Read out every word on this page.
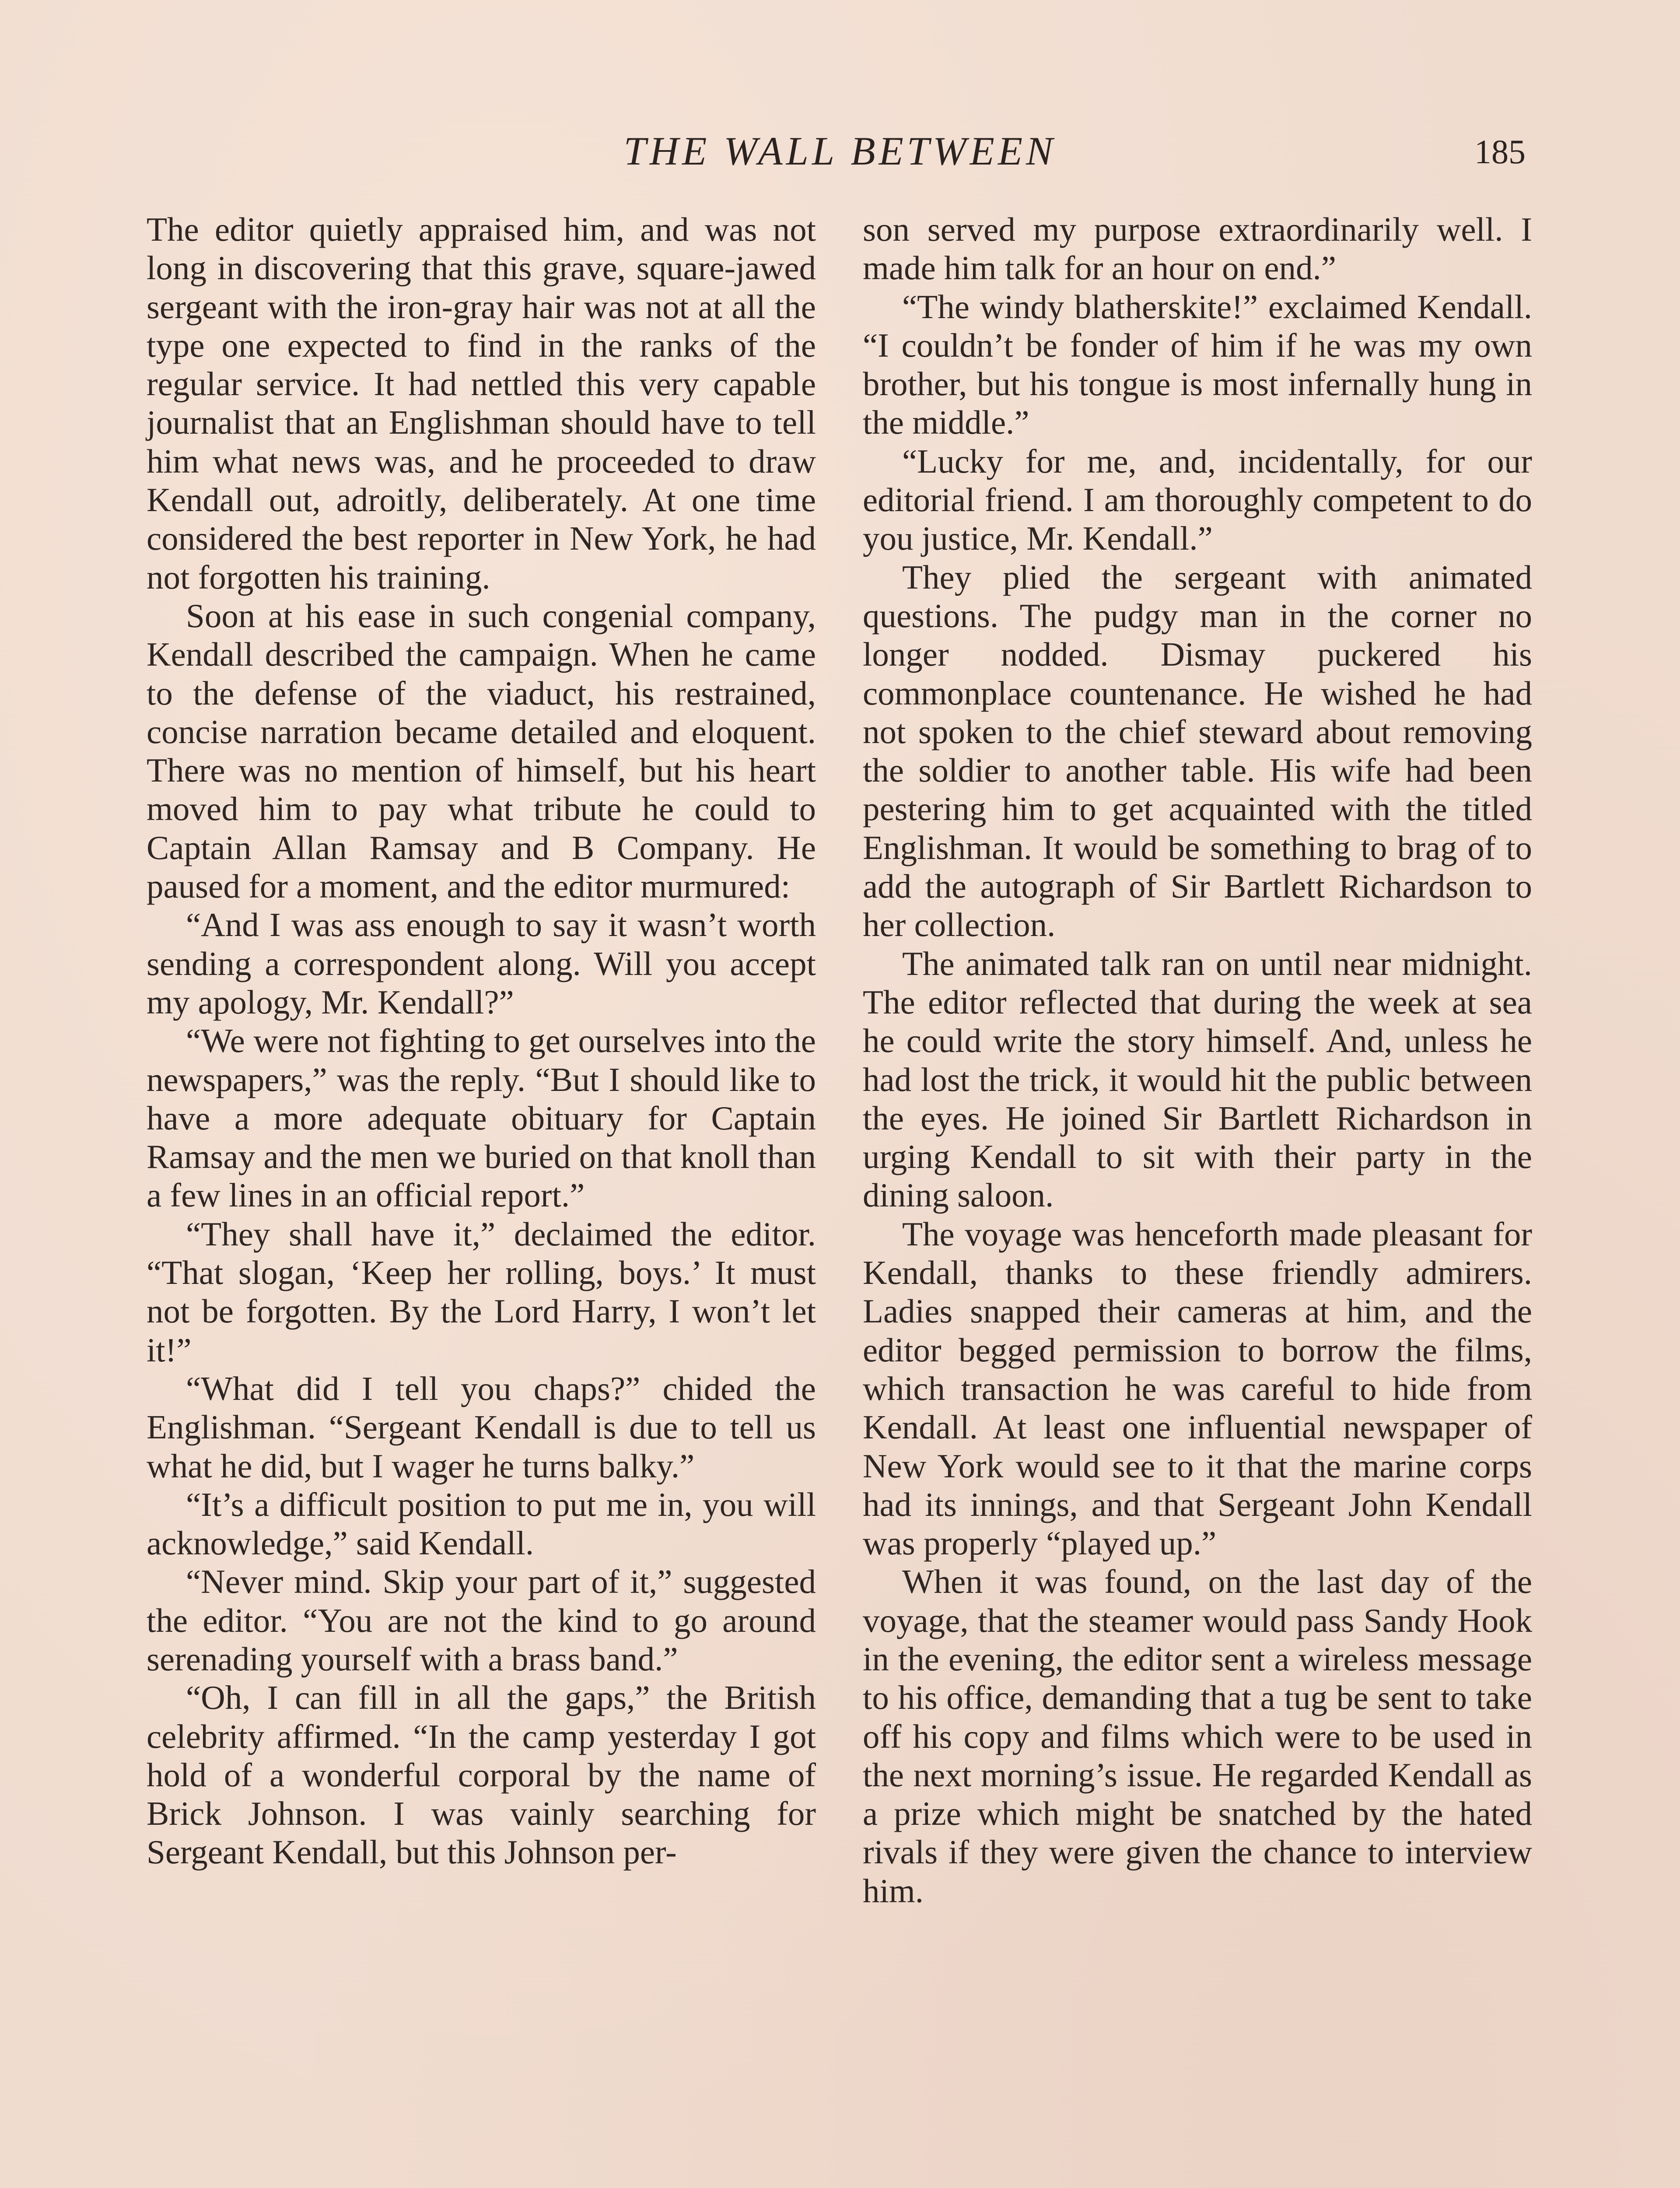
THE WALL BETWEEN	185

The editor quietly appraised him, and was not long in discovering that this grave, square-jawed sergeant with the iron-gray hair was not at all the type one expected to find in the ranks of the regular service. It had nettled this very capable journalist that an Englishman should have to tell him what news was, and he proceeded to draw Kendall out, adroitly, deliberately. At one time considered the best reporter in New York, he had not forgotten his training.

Soon at his ease in such congenial company, Kendall described the campaign. When he came to the defense of the viaduct, his restrained, concise narration became detailed and eloquent. There was no mention of himself, but his heart moved him to pay what tribute he could to Captain Allan Ramsay and B Company. He paused for a moment, and the editor murmured:

“And I was ass enough to say it wasn’t worth sending a correspondent along. Will you accept my apology, Mr. Kendall?”

“We were not fighting to get ourselves into the newspapers,” was the reply. “But I should like to have a more adequate obituary for Captain Ramsay and the men we buried on that knoll than a few lines in an official report.”

“They shall have it,” declaimed the editor. “That slogan, ‘Keep her rolling, boys.’ It must not be forgotten. By the Lord Harry, I won’t let it!”

“What did I tell you chaps?” chided the Englishman. “Sergeant Kendall is due to tell us what he did, but I wager he turns balky.”

“It’s a difficult position to put me in, you will acknowledge,” said Kendall.

“Never mind. Skip your part of it,” suggested the editor. “You are not the kind to go around serenading yourself with a brass band.”

“Oh, I can fill in all the gaps,” the British celebrity affirmed. “In the camp yesterday I got hold of a wonderful corporal by the name of Brick Johnson. I was vainly searching for Sergeant Kendall, but this Johnson per-

son served my purpose extraordinarily well. I made him talk for an hour on end.”

“The windy blatherskite!” exclaimed Kendall. “I couldn’t be fonder of him if he was my own brother, but his tongue is most infernally hung in the middle.”

“Lucky for me, and, incidentally, for our editorial friend. I am thoroughly competent to do you justice, Mr. Kendall.”

They plied the sergeant with animated questions. The pudgy man in the corner no longer nodded. Dismay puckered his commonplace countenance. He wished he had not spoken to the chief steward about removing the soldier to another table. His wife had been pestering him to get acquainted with the titled Englishman. It would be something to brag of to add the autograph of Sir Bartlett Richardson to her collection.

The animated talk ran on until near midnight. The editor reflected that during the week at sea he could write the story himself. And, unless he had lost the trick, it would hit the public between the eyes. He joined Sir Bartlett Richardson in urging Kendall to sit with their party in the dining saloon.

The voyage was henceforth made pleasant for Kendall, thanks to these friendly admirers. Ladies snapped their cameras at him, and the editor begged permission to borrow the films, which transaction he was careful to hide from Kendall. At least one influential newspaper of New York would see to it that the marine corps had its innings, and that Sergeant John Kendall was properly “played up.”

When it was found, on the last day of the voyage, that the steamer would pass Sandy Hook in the evening, the editor sent a wireless message to his office, demanding that a tug be sent to take off his copy and films which were to be used in the next morning’s issue. He regarded Kendall as a prize which might be snatched by the hated rivals if they were given the chance to interview him.
